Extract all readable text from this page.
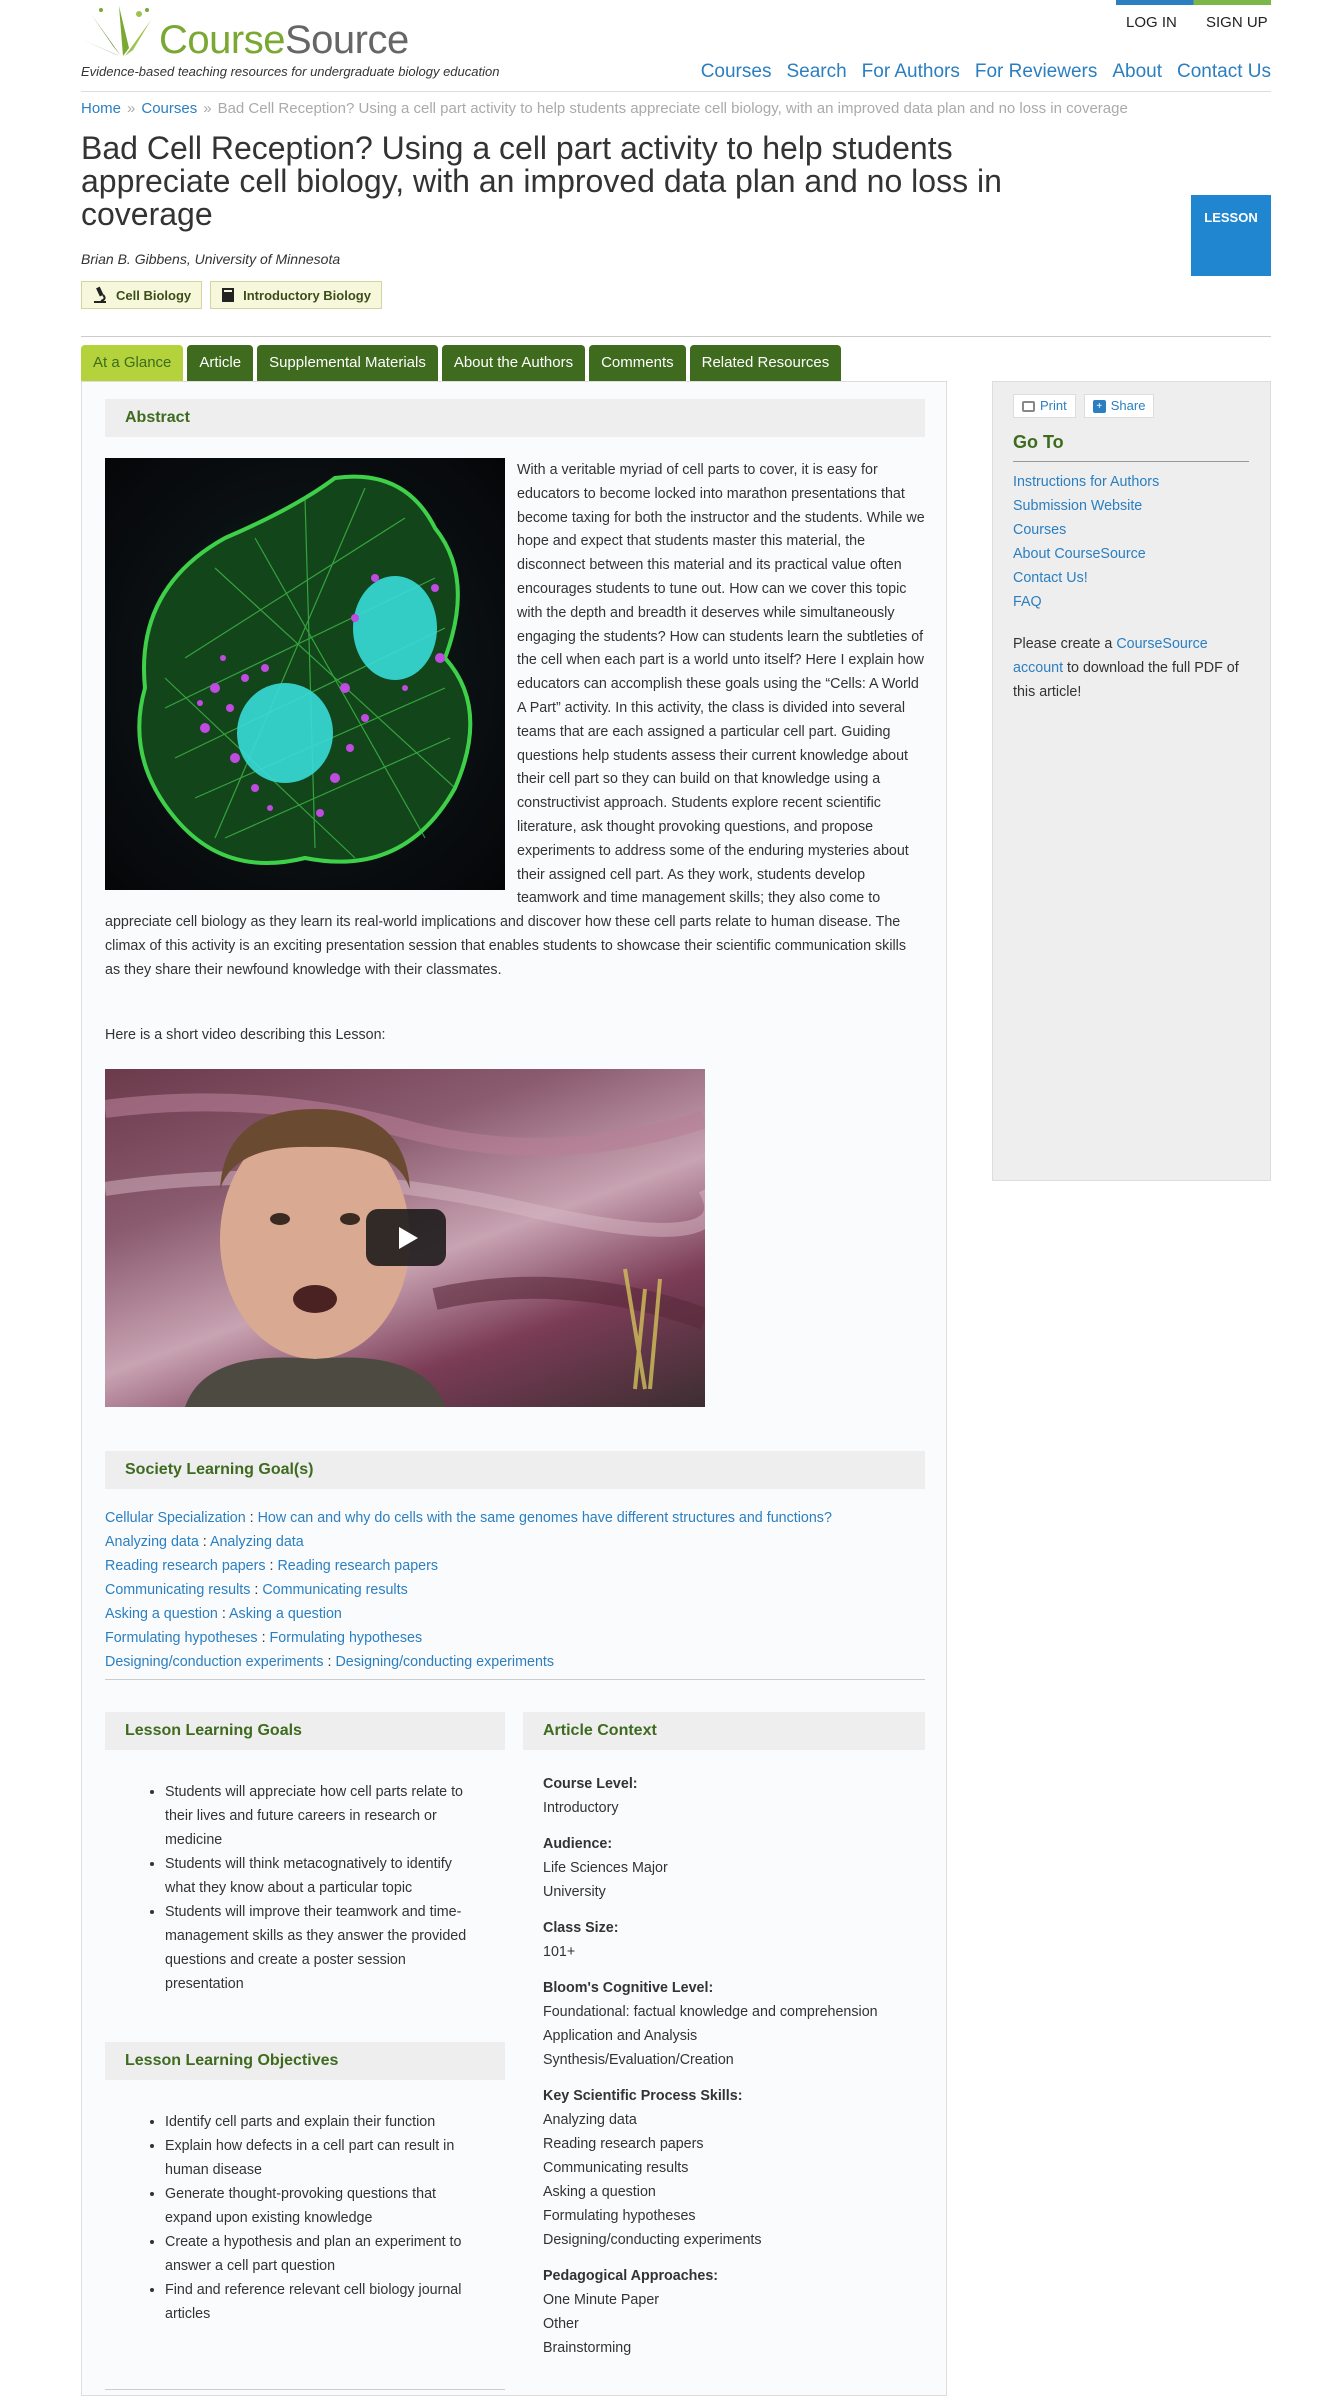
CourseSource
Evidence-based teaching resources for undergraduate biology education
LOG IN SIGN UP
Courses Search For Authors For Reviewers About Contact Us
Home » Courses » Bad Cell Reception? Using a cell part activity to help students appreciate cell biology, with an improved data plan and no loss in coverage
Bad Cell Reception? Using a cell part activity to help students appreciate cell biology, with an improved data plan and no loss in coverage	LESSON
Brian B. Gibbens, University of Minnesota
Cell Biology	Introductory Biology
At a Glance	Article	Supplemental Materials	About the Authors	Comments	Related Resources
Abstract
With a veritable myriad of cell parts to cover, it is easy for educators to become locked into marathon presentations that become taxing for both the instructor and the students. While we hope and expect that students master this material, the disconnect between this material and its practical value often encourages students to tune out. How can we cover this topic with the depth and breadth it deserves while simultaneously engaging the students? How can students learn the subtleties of the cell when each part is a world unto itself? Here I explain how educators can accomplish these goals using the “Cells: A World A Part” activity. In this activity, the class is divided into several teams that are each assigned a particular cell part. Guiding questions help students assess their current knowledge about their cell part so they can build on that knowledge using a constructivist approach. Students explore recent scientific literature, ask thought provoking questions, and propose experiments to address some of the enduring mysteries about their assigned cell part. As they work, students develop teamwork and time management skills; they also come to appreciate cell biology as they learn its real-world implications and discover how these cell parts relate to human disease. The climax of this activity is an exciting presentation session that enables students to showcase their scientific communication skills as they share their newfound knowledge with their classmates.
Here is a short video describing this Lesson:
Society Learning Goal(s)
Cellular Specialization : How can and why do cells with the same genomes have different structures and functions?
Analyzing data : Analyzing data
Reading research papers : Reading research papers
Communicating results : Communicating results
Asking a question : Asking a question
Formulating hypotheses : Formulating hypotheses
Designing/conduction experiments : Designing/conducting experiments
Lesson Learning Goals
• Students will appreciate how cell parts relate to their lives and future careers in research or medicine
• Students will think metacognatively to identify what they know about a particular topic
• Students will improve their teamwork and time-management skills as they answer the provided questions and create a poster session presentation
Lesson Learning Objectives
• Identify cell parts and explain their function
• Explain how defects in a cell part can result in human disease
• Generate thought-provoking questions that expand upon existing knowledge
• Create a hypothesis and plan an experiment to answer a cell part question
• Find and reference relevant cell biology journal articles
Article Context
Course Level:
Introductory
Audience:
Life Sciences Major
University
Class Size:
101+
Bloom's Cognitive Level:
Foundational: factual knowledge and comprehension
Application and Analysis
Synthesis/Evaluation/Creation
Key Scientific Process Skills:
Analyzing data
Reading research papers
Communicating results
Asking a question
Formulating hypotheses
Designing/conducting experiments
Pedagogical Approaches:
One Minute Paper
Other
Brainstorming
Print	+ Share
Go To
Instructions for Authors
Submission Website
Courses
About CourseSource
Contact Us!
FAQ
Please create a CourseSource account to download the full PDF of this article!
